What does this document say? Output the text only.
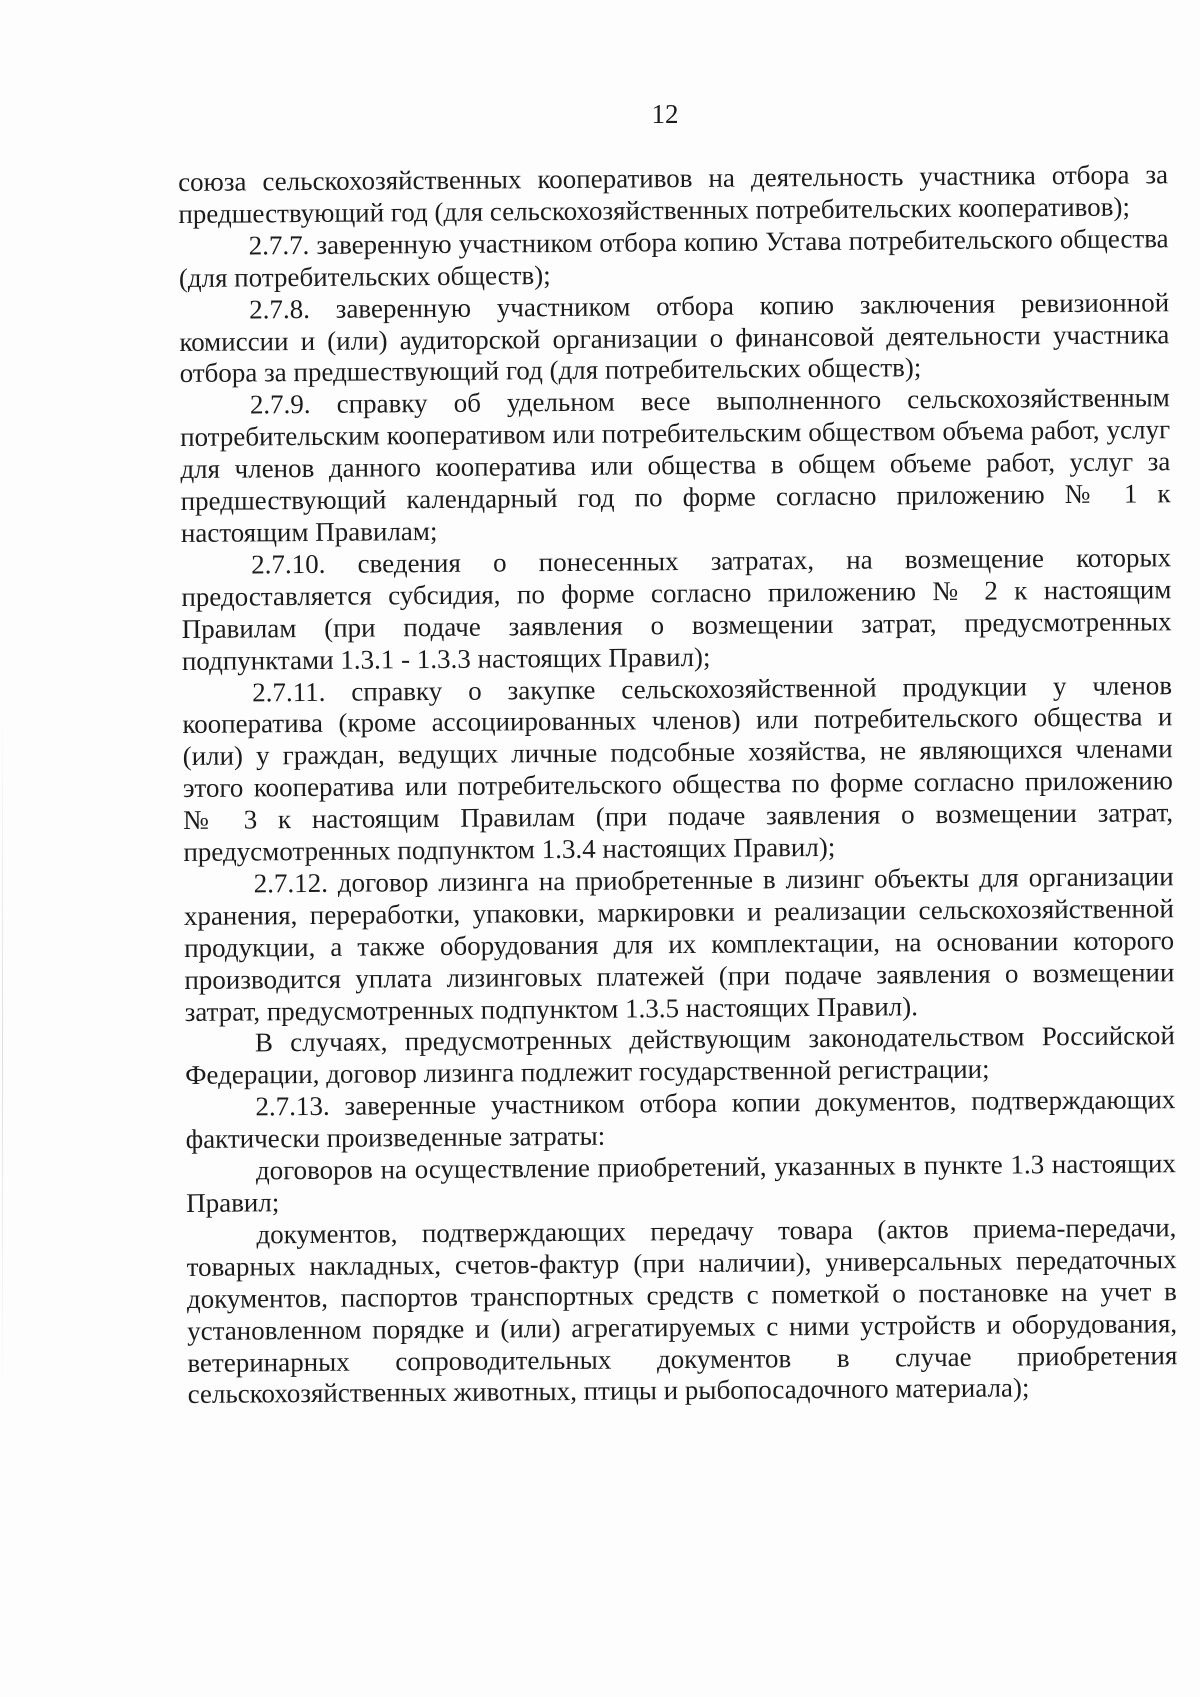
12

союза сельскохозяйственных кооперативов на деятельность участника отбора за предшествующий год (для сельскохозяйственных потребительских кооперативов);

2.7.7. заверенную участником отбора копию Устава потребительского общества (для потребительских обществ);

2.7.8. заверенную участником отбора копию заключения ревизионной комиссии и (или) аудиторской организации о финансовой деятельности участника отбора за предшествующий год (для потребительских обществ);

2.7.9. справку об удельном весе выполненного сельскохозяйственным потребительским кооперативом или потребительским обществом объема работ, услуг для членов данного кооператива или общества в общем объеме работ, услуг за предшествующий календарный год по форме согласно приложению № 1 к настоящим Правилам;

2.7.10. сведения о понесенных затратах, на возмещение которых предоставляется субсидия, по форме согласно приложению № 2 к настоящим Правилам (при подаче заявления о возмещении затрат, предусмотренных подпунктами 1.3.1 - 1.3.3 настоящих Правил);

2.7.11. справку о закупке сельскохозяйственной продукции у членов кооператива (кроме ассоциированных членов) или потребительского общества и (или) у граждан, ведущих личные подсобные хозяйства, не являющихся членами этого кооператива или потребительского общества по форме согласно приложению № 3 к настоящим Правилам (при подаче заявления о возмещении затрат, предусмотренных подпунктом 1.3.4 настоящих Правил);

2.7.12. договор лизинга на приобретенные в лизинг объекты для организации хранения, переработки, упаковки, маркировки и реализации сельскохозяйственной продукции, а также оборудования для их комплектации, на основании которого производится уплата лизинговых платежей (при подаче заявления о возмещении затрат, предусмотренных подпунктом 1.3.5 настоящих Правил).

В случаях, предусмотренных действующим законодательством Российской Федерации, договор лизинга подлежит государственной регистрации;

2.7.13. заверенные участником отбора копии документов, подтверждающих фактически произведенные затраты:

договоров на осуществление приобретений, указанных в пункте 1.3 настоящих Правил;

документов, подтверждающих передачу товара (актов приема-передачи, товарных накладных, счетов-фактур (при наличии), универсальных передаточных документов, паспортов транспортных средств с пометкой о постановке на учет в установленном порядке и (или) агрегатируемых с ними устройств и оборудования, ветеринарных сопроводительных документов в случае приобретения сельскохозяйственных животных, птицы и рыбопосадочного материала);
